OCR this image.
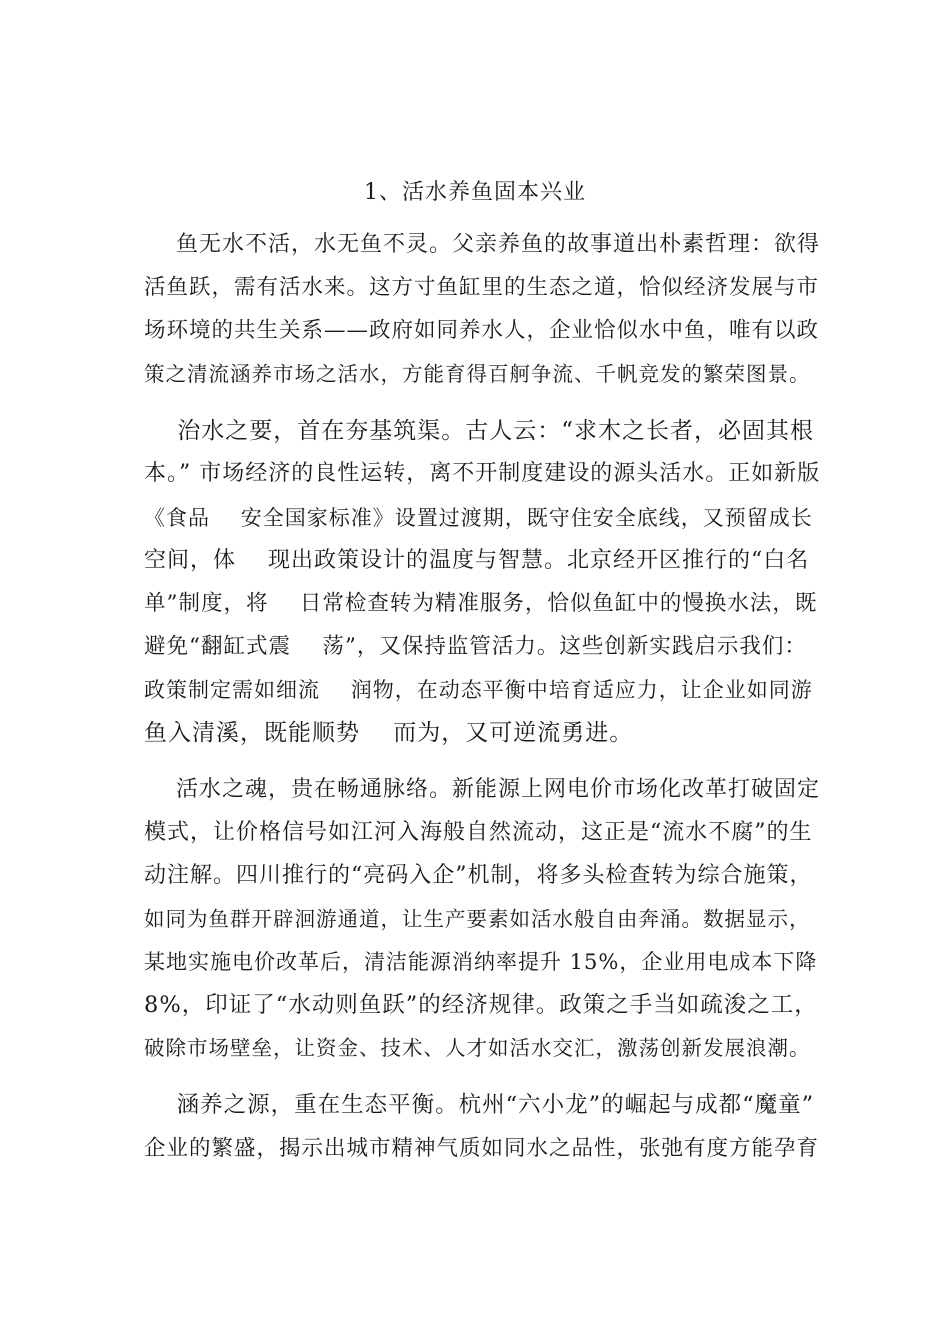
1、活水养鱼固本兴业
鱼无水不活，水无鱼不灵。父亲养鱼的故事道出朴素哲理：欲得
活鱼跃，需有活水来。这方寸鱼缸里的生态之道，恰似经济发展与市
场环境的共生关系——政府如同养水人，企业恰似水中鱼，唯有以政
策之清流涵养市场之活水，方能育得百舸争流、千帆竞发的繁荣图景。
治水之要，首在夯基筑渠。古人云：“求木之长者，必固其根
本。” 市场经济的良性运转，离不开制度建设的源头活水。正如新版
《食品    安全国家标准》设置过渡期，既守住安全底线，又预留成长
空间，体    现出政策设计的温度与智慧。北京经开区推行的“白名
单”制度，将    日常检查转为精准服务，恰似鱼缸中的慢换水法，既
避免“翻缸式震    荡”，又保持监管活力。这些创新实践启示我们：
政策制定需如细流    润物，在动态平衡中培育适应力，让企业如同游
鱼入清溪，既能顺势    而为，又可逆流勇进。
活水之魂，贵在畅通脉络。新能源上网电价市场化改革打破固定
模式，让价格信号如江河入海般自然流动，这正是“流水不腐”的生
动注解。四川推行的“亮码入企”机制，将多头检查转为综合施策，
如同为鱼群开辟洄游通道，让生产要素如活水般自由奔涌。数据显示，
某地实施电价改革后，清洁能源消纳率提升 15%，企业用电成本下降
8%，印证了“水动则鱼跃”的经济规律。政策之手当如疏浚之工，
破除市场壁垒，让资金、技术、人才如活水交汇，激荡创新发展浪潮。
涵养之源，重在生态平衡。杭州“六小龙”的崛起与成都“魔童”
企业的繁盛，揭示出城市精神气质如同水之品性，张弛有度方能孕育
